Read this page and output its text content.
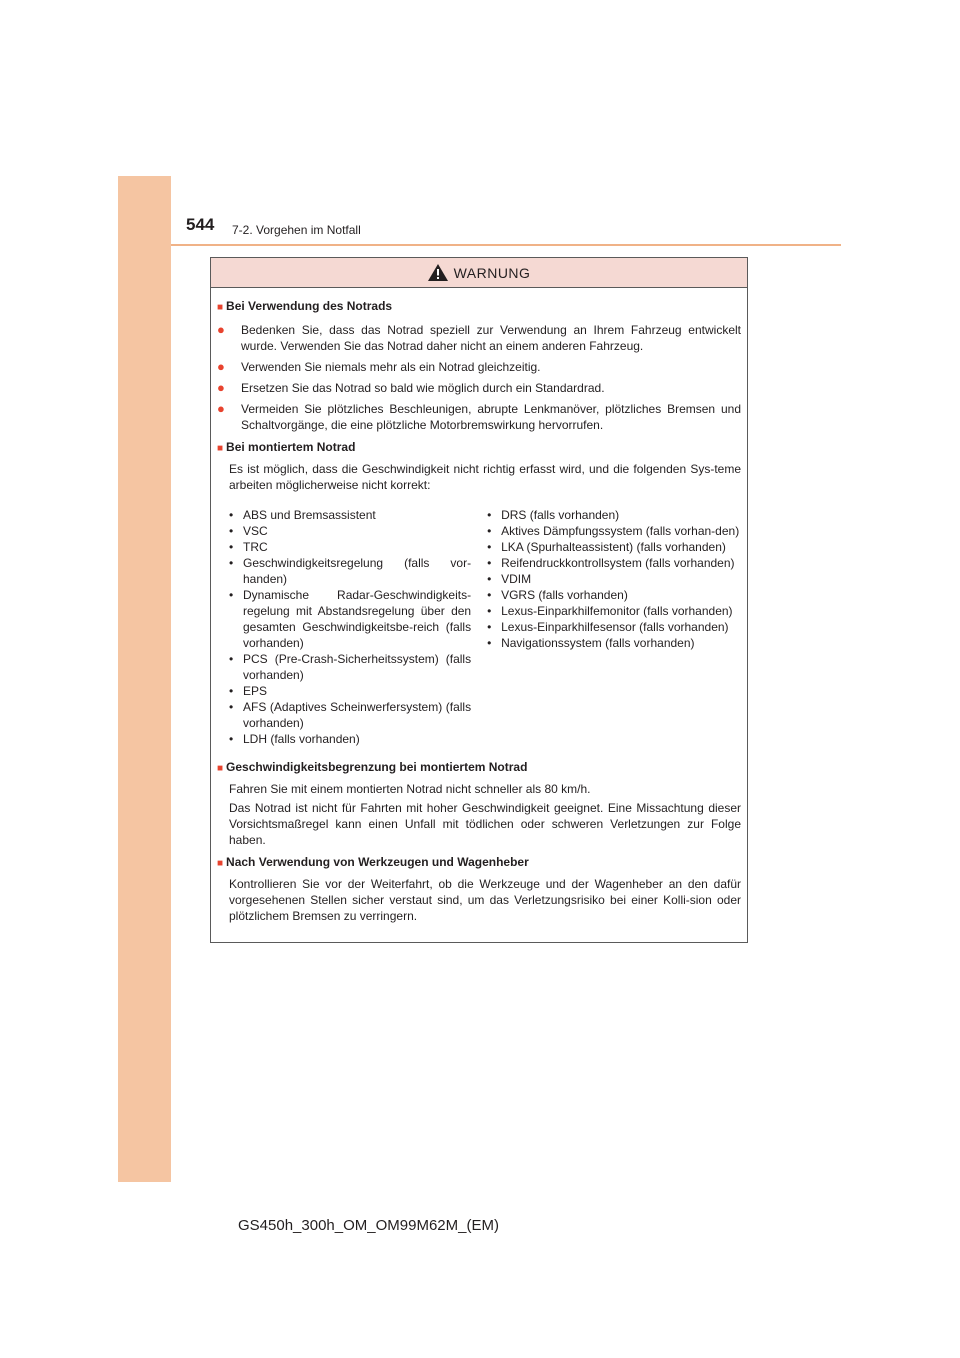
544 7-2. Vorgehen im Notfall
WARNUNG
■ Bei Verwendung des Notrads
● Bedenken Sie, dass das Notrad speziell zur Verwendung an Ihrem Fahrzeug entwickelt wurde. Verwenden Sie das Notrad daher nicht an einem anderen Fahrzeug.
● Verwenden Sie niemals mehr als ein Notrad gleichzeitig.
● Ersetzen Sie das Notrad so bald wie möglich durch ein Standardrad.
● Vermeiden Sie plötzliches Beschleunigen, abrupte Lenkmanöver, plötzliches Bremsen und Schaltvorgänge, die eine plötzliche Motorbremswirkung hervorrufen.
■ Bei montiertem Notrad
Es ist möglich, dass die Geschwindigkeit nicht richtig erfasst wird, und die folgenden Sys-teme arbeiten möglicherweise nicht korrekt:
• ABS und Bremsassistent
• VSC
• TRC
• Geschwindigkeitsregelung (falls vor-handen)
• Dynamische Radar-Geschwindigkeits-regelung mit Abstandsregelung über den gesamten Geschwindigkeitsbe-reich (falls vorhanden)
• PCS (Pre-Crash-Sicherheitssystem) (falls vorhanden)
• EPS
• AFS (Adaptives Scheinwerfersystem) (falls vorhanden)
• LDH (falls vorhanden)
• DRS (falls vorhanden)
• Aktives Dämpfungssystem (falls vorhan-den)
• LKA (Spurhalteassistent) (falls vorhanden)
• Reifendruckkontrollsystem (falls vorhanden)
• VDIM
• VGRS (falls vorhanden)
• Lexus-Einparkhilfemonitor (falls vorhanden)
• Lexus-Einparkhilfesensor (falls vorhanden)
• Navigationssystem (falls vorhanden)
■ Geschwindigkeitsbegrenzung bei montiertem Notrad
Fahren Sie mit einem montierten Notrad nicht schneller als 80 km/h.
Das Notrad ist nicht für Fahrten mit hoher Geschwindigkeit geeignet. Eine Missachtung dieser Vorsichtsmaßregel kann einen Unfall mit tödlichen oder schweren Verletzungen zur Folge haben.
■ Nach Verwendung von Werkzeugen und Wagenheber
Kontrollieren Sie vor der Weiterfahrt, ob die Werkzeuge und der Wagenheber an den dafür vorgesehenen Stellen sicher verstaut sind, um das Verletzungsrisiko bei einer Kolli-sion oder plötzlichem Bremsen zu verringern.
GS450h_300h_OM_OM99M62M_(EM)
